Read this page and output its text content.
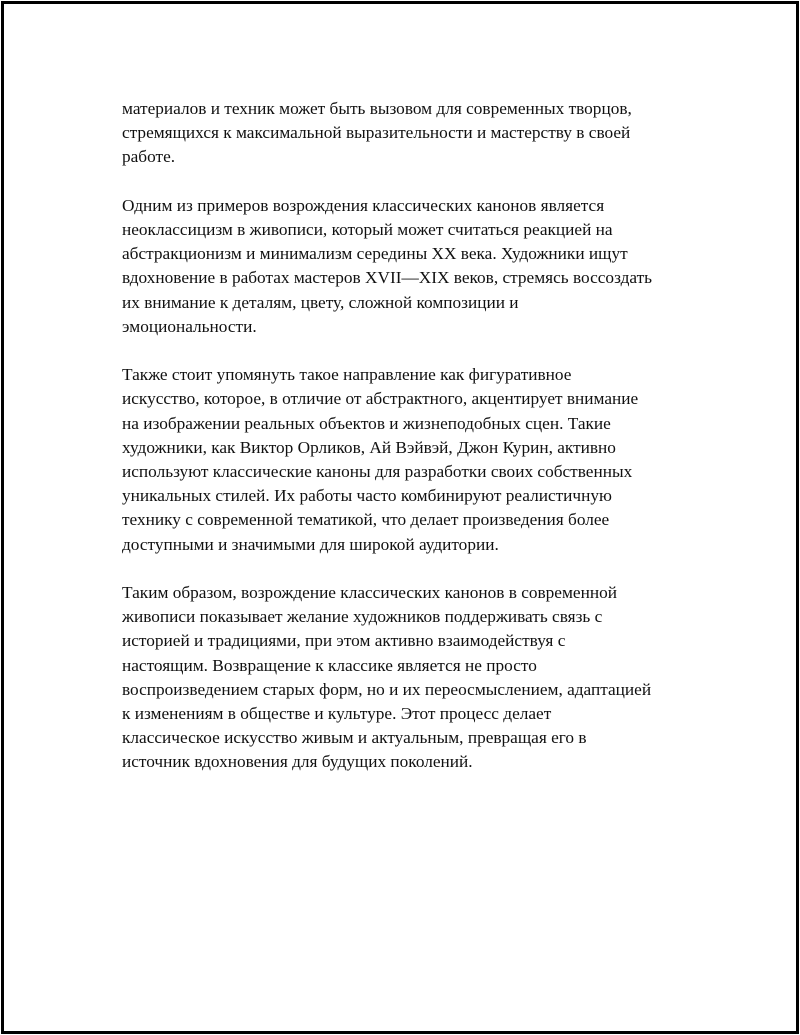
материалов и техник может быть вызовом для современных творцов,
стремящихся к максимальной выразительности и мастерству в своей
работе.

Одним из примеров возрождения классических канонов является
неоклассицизм в живописи, который может считаться реакцией на
абстракционизм и минимализм середины XX века. Художники ищут
вдохновение в работах мастеров XVII—XIX веков, стремясь воссоздать
их внимание к деталям, цвету, сложной композиции и
эмоциональности.

Также стоит упомянуть такое направление как фигуративное
искусство, которое, в отличие от абстрактного, акцентирует внимание
на изображении реальных объектов и жизнеподобных сцен. Такие
художники, как Виктор Орликов, Ай Вэйвэй, Джон Курин, активно
используют классические каноны для разработки своих собственных
уникальных стилей. Их работы часто комбинируют реалистичную
технику с современной тематикой, что делает произведения более
доступными и значимыми для широкой аудитории.

Таким образом, возрождение классических канонов в современной
живописи показывает желание художников поддерживать связь с
историей и традициями, при этом активно взаимодействуя с
настоящим. Возвращение к классике является не просто
воспроизведением старых форм, но и их переосмыслением, адаптацией
к изменениям в обществе и культуре. Этот процесс делает
классическое искусство живым и актуальным, превращая его в
источник вдохновения для будущих поколений.
